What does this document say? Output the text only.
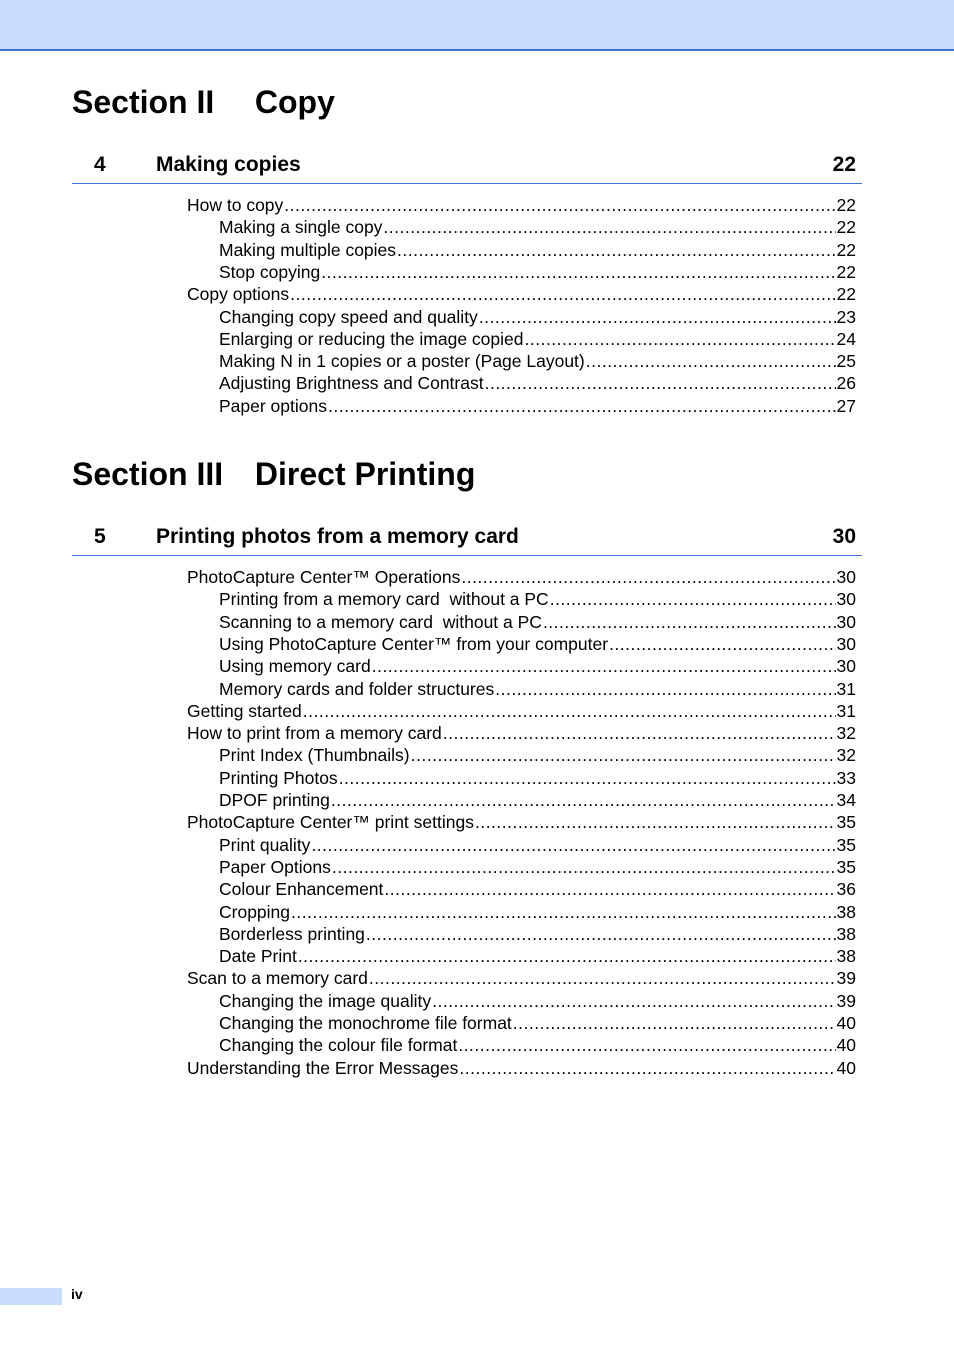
Section II Copy
4 Making copies	22
How to copy .....	22
Making a single copy .....	22
Making multiple copies .....	22
Stop copying .....	22
Copy options .....	22
Changing copy speed and quality .....	23
Enlarging or reducing the image copied .....	24
Making N in 1 copies or a poster (Page Layout) .....	25
Adjusting Brightness and Contrast .....	26
Paper options .....	27
Section III Direct Printing
5 Printing photos from a memory card	30
PhotoCapture Center™ Operations .....	30
Printing from a memory card  without a PC .....	30
Scanning to a memory card  without a PC .....	30
Using PhotoCapture Center™ from your computer .....	30
Using memory card .....	30
Memory cards and folder structures .....	31
Getting started .....	31
How to print from a memory card .....	32
Print Index (Thumbnails) .....	32
Printing Photos .....	33
DPOF printing .....	34
PhotoCapture Center™ print settings .....	35
Print quality .....	35
Paper Options .....	35
Colour Enhancement .....	36
Cropping .....	38
Borderless printing .....	38
Date Print .....	38
Scan to a memory card .....	39
Changing the image quality .....	39
Changing the monochrome file format .....	40
Changing the colour file format .....	40
Understanding the Error Messages .....	40
iv
